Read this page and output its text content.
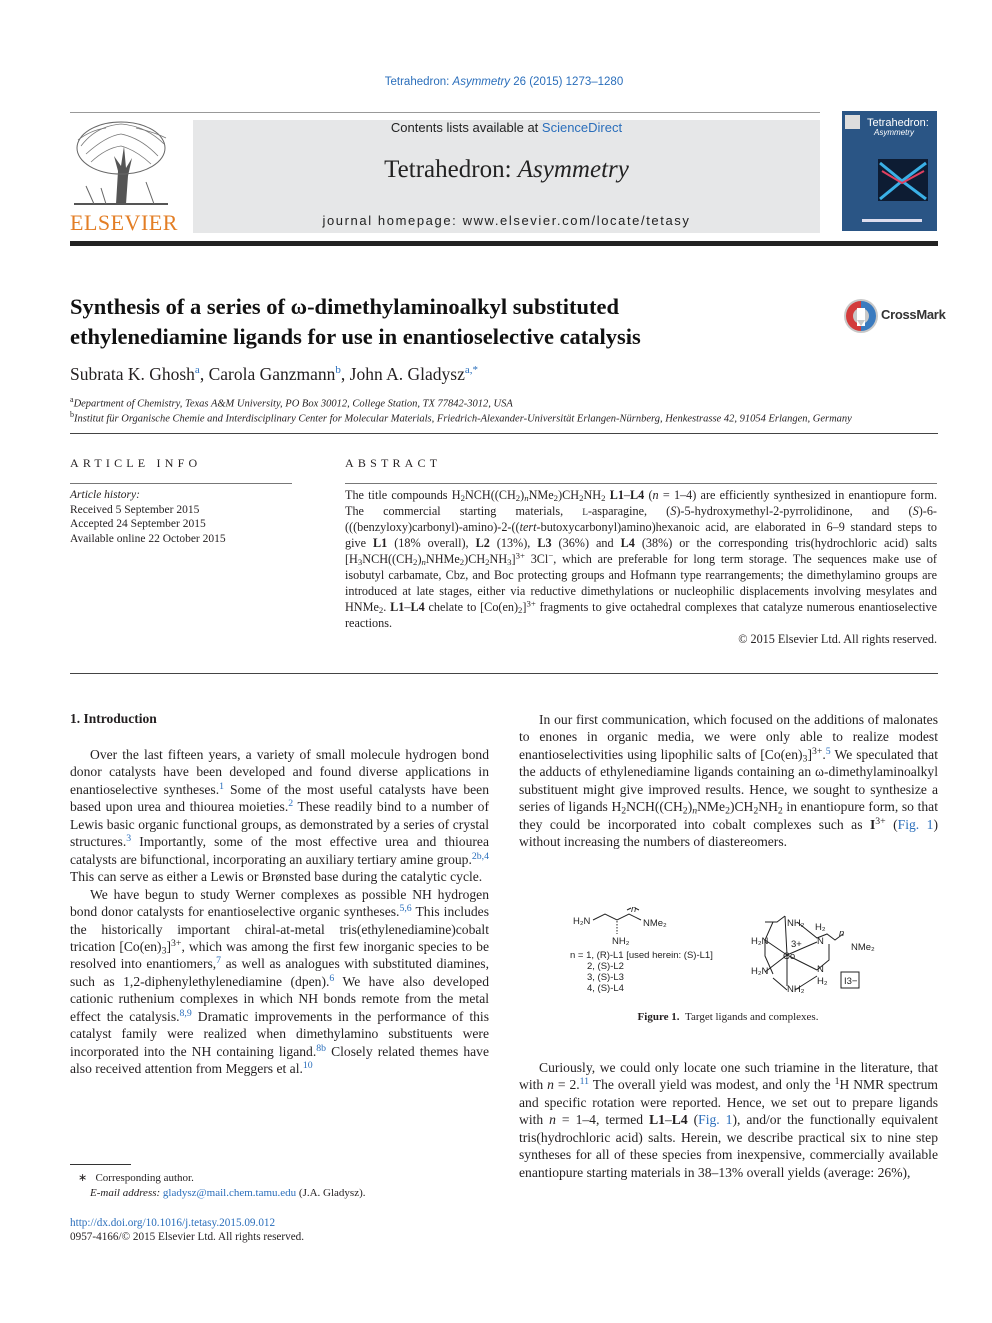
Tetrahedron: Asymmetry 26 (2015) 1273–1280
ELSEVIER
Contents lists available at ScienceDirect
Tetrahedron: Asymmetry
journal homepage: www.elsevier.com/locate/tetasy
Tetrahedron:
Asymmetry
Synthesis of a series of ω-dimethylaminoalkyl substituted
ethylenediamine ligands for use in enantioselective catalysis
CrossMark
Subrata K. Ghosh$^a$, Carola Ganzmann$^b$, John A. Gladysz$^{a,*}$
$^a$Department of Chemistry, Texas A&M University, PO Box 30012, College Station, TX 77842-3012, USA
$^b$Institut für Organische Chemie and Interdisciplinary Center for Molecular Materials, Friedrich-Alexander-Universität Erlangen-Nürnberg, Henkestrasse 42, 91054 Erlangen, Germany
ARTICLE INFO
Article history:
Received 5 September 2015
Accepted 24 September 2015
Available online 22 October 2015
ABSTRACT
The title compounds $H_2NCH((CH_2)_nNMe_2)CH_2NH_2$ L1–L4 (n = 1–4) are efficiently synthesized in enantiopure form. The commercial starting materials, l-asparagine, (S)-5-hydroxymethyl-2-pyrrolidinone, and (S)-6-(((benzyloxy)carbonyl)-amino)-2-((tert-butoxycarbonyl)amino)hexanoic acid, are elaborated in 6–9 standard steps to give L1 (18% overall), L2 (13%), L3 (36%) and L4 (38%) or the corresponding tris(hydrochloric acid) salts $[H_3NCH((CH_2)_nNHMe_2)CH_2NH_3]^{3+}$ 3Cl−, which are preferable for long term storage. The sequences make use of isobutyl carbamate, Cbz, and Boc protecting groups and Hofmann type rearrangements; the dimethylamino groups are introduced at late stages, either via reductive dimethylations or nucleophilic displacements involving mesylates and HNMe$_2$. L1–L4 chelate to $[Co(en)_2]^{3+}$ fragments to give octahedral complexes that catalyze numerous enantioselective reactions.
© 2015 Elsevier Ltd. All rights reserved.
1. Introduction

Over the last fifteen years, a variety of small molecule hydrogen bond donor catalysts have been developed and found diverse applications in enantioselective syntheses.$^1$ Some of the most useful catalysts have been based upon urea and thiourea moieties.$^2$ These readily bind to a number of Lewis basic organic functional groups, as demonstrated by a series of crystal structures.$^3$ Importantly, some of the most effective urea and thiourea catalysts are bifunctional, incorporating an auxiliary tertiary amine group.$^{2b,4}$ This can serve as either a Lewis or Brønsted base during the catalytic cycle.

We have begun to study Werner complexes as possible NH hydrogen bond donor catalysts for enantioselective organic syntheses.$^{5,6}$ This includes the historically important chiral-at-metal tris(ethylenediamine)cobalt trication $[Co(en)_3]^{3+}$, which was among the first few inorganic species to be resolved into enantiomers,$^7$ as well as analogues with substituted diamines, such as 1,2-diphenylethylenediamine (dpen).$^6$ We have also developed cationic ruthenium complexes in which NH bonds remote from the metal effect the catalysis.$^{8,9}$ Dramatic improvements in the performance of this catalyst family were realized when dimethylamino substituents were incorporated into the NH containing ligand.$^{8b}$ Closely related themes have also received attention from Meggers et al.$^{10}$

In our first communication, which focused on the additions of malonates to enones in organic media, we were only able to realize modest enantioselectivities using lipophilic salts of $[Co(en)_3]^{3+}.^5$ We speculated that the adducts of ethylenediamine ligands containing an ω-dimethylaminoalkyl substituent might give improved results. Hence, we sought to synthesize a series of ligands $H_2NCH((CH_2)_nNMe_2)CH_2NH_2$ in enantiopure form, so that they could be incorporated into cobalt complexes such as $I^{3+}$ (Fig. 1) without increasing the numbers of diastereomers.

H₂N
NH₂
n
NMe₂
n = 1, (R)-L1 [used herein: (S)-L1]
2, (S)-L2
3, (S)-L3
4, (S)-L4
NH₂
H₂N 3+
Co
H₂
N
H₂N	N
H₂
NH₂
n
NMe₂
I3−
Figure 1. Target ligands and complexes.

Curiously, we could only locate one such triamine in the literature, that with n = 2.11 The overall yield was modest, and only the $^1$H NMR spectrum and specific rotation were reported. Hence, we set out to prepare ligands with n = 1–4, termed L1–L4 (Fig. 1), and/or the functionally equivalent tris(hydrochloric acid) salts. Herein, we describe practical six to nine step syntheses for all of these species from inexpensive, commercially available enantiopure starting materials in 38–13% overall yields (average: 26%),

∗   Corresponding author.
E-mail address: gladysz@mail.chem.tamu.edu (J.A. Gladysz).
http://dx.doi.org/10.1016/j.tetasy.2015.09.012
0957-4166/© 2015 Elsevier Ltd. All rights reserved.
